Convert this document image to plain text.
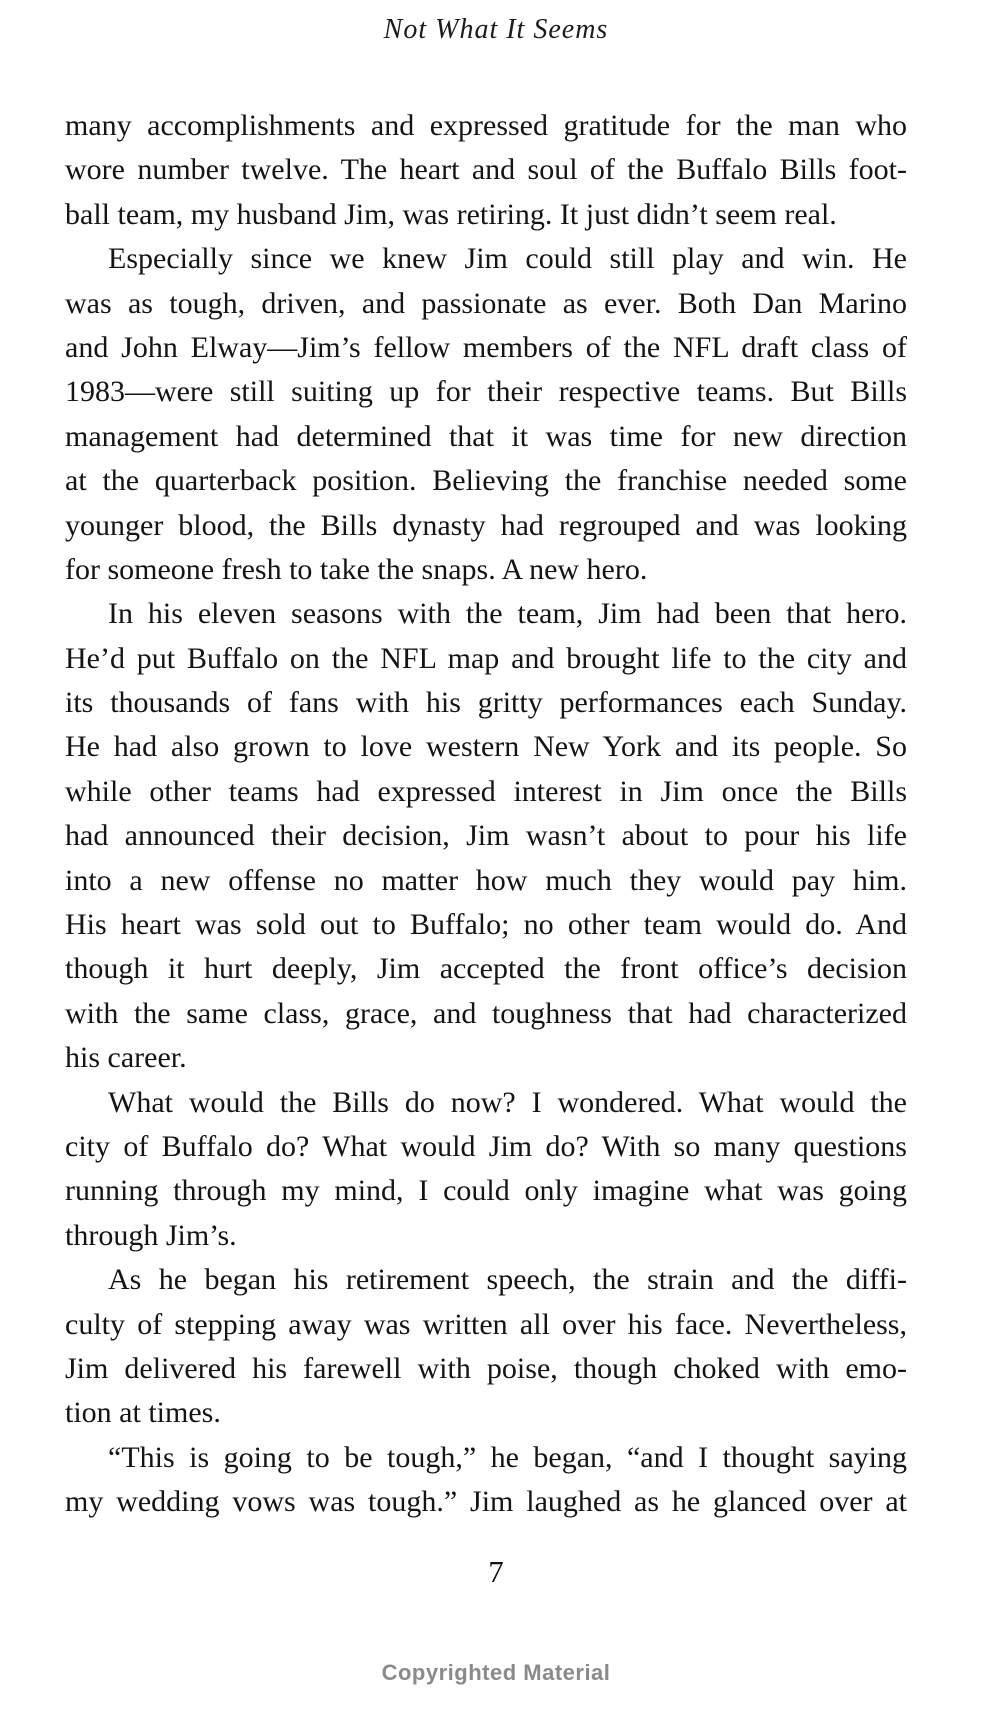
Not What It Seems
many accomplishments and expressed gratitude for the man who
wore number twelve. The heart and soul of the Buffalo Bills foot-
ball team, my husband Jim, was retiring. It just didn’t seem real.
Especially since we knew Jim could still play and win. He
was as tough, driven, and passionate as ever. Both Dan Marino
and John Elway—Jim’s fellow members of the NFL draft class of
1983—were still suiting up for their respective teams. But Bills
management had determined that it was time for new direction
at the quarterback position. Believing the franchise needed some
younger blood, the Bills dynasty had regrouped and was looking
for someone fresh to take the snaps. A new hero.
In his eleven seasons with the team, Jim had been that hero.
He’d put Buffalo on the NFL map and brought life to the city and
its thousands of fans with his gritty performances each Sunday.
He had also grown to love western New York and its people. So
while other teams had expressed interest in Jim once the Bills
had announced their decision, Jim wasn’t about to pour his life
into a new offense no matter how much they would pay him.
His heart was sold out to Buffalo; no other team would do. And
though it hurt deeply, Jim accepted the front office’s decision
with the same class, grace, and toughness that had characterized
his career.
What would the Bills do now? I wondered. What would the
city of Buffalo do? What would Jim do? With so many questions
running through my mind, I could only imagine what was going
through Jim’s.
As he began his retirement speech, the strain and the diffi-
culty of stepping away was written all over his face. Nevertheless,
Jim delivered his farewell with poise, though choked with emo-
tion at times.
“This is going to be tough,” he began, “and I thought saying
my wedding vows was tough.” Jim laughed as he glanced over at
7
Copyrighted Material
